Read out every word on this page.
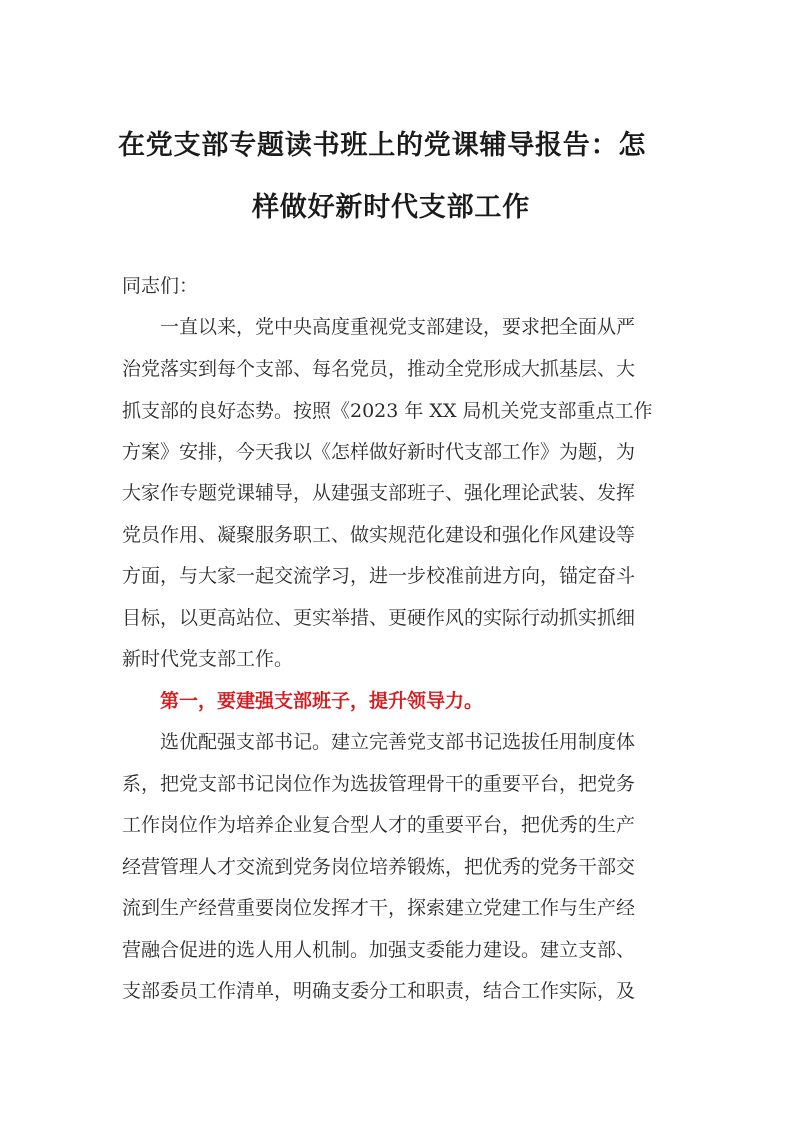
在党支部专题读书班上的党课辅导报告：怎
样做好新时代支部工作

同志们：

一直以来，党中央高度重视党支部建设，要求把全面从严

治党落实到每个支部、每名党员，推动全党形成大抓基层、大

抓支部的良好态势。按照《2023 年 XX 局机关党支部重点工作

方案》安排，今天我以《怎样做好新时代支部工作》为题，为

大家作专题党课辅导，从建强支部班子、强化理论武装、发挥

党员作用、凝聚服务职工、做实规范化建设和强化作风建设等

方面，与大家一起交流学习，进一步校准前进方向，锚定奋斗

目标，以更高站位、更实举措、更硬作风的实际行动抓实抓细

新时代党支部工作。

第一，要建强支部班子，提升领导力。

选优配强支部书记。建立完善党支部书记选拔任用制度体

系，把党支部书记岗位作为选拔管理骨干的重要平台，把党务

工作岗位作为培养企业复合型人才的重要平台，把优秀的生产

经营管理人才交流到党务岗位培养锻炼，把优秀的党务干部交

流到生产经营重要岗位发挥才干，探索建立党建工作与生产经

营融合促进的选人用人机制。加强支委能力建设。建立支部、

支部委员工作清单，明确支委分工和职责，结合工作实际，及
